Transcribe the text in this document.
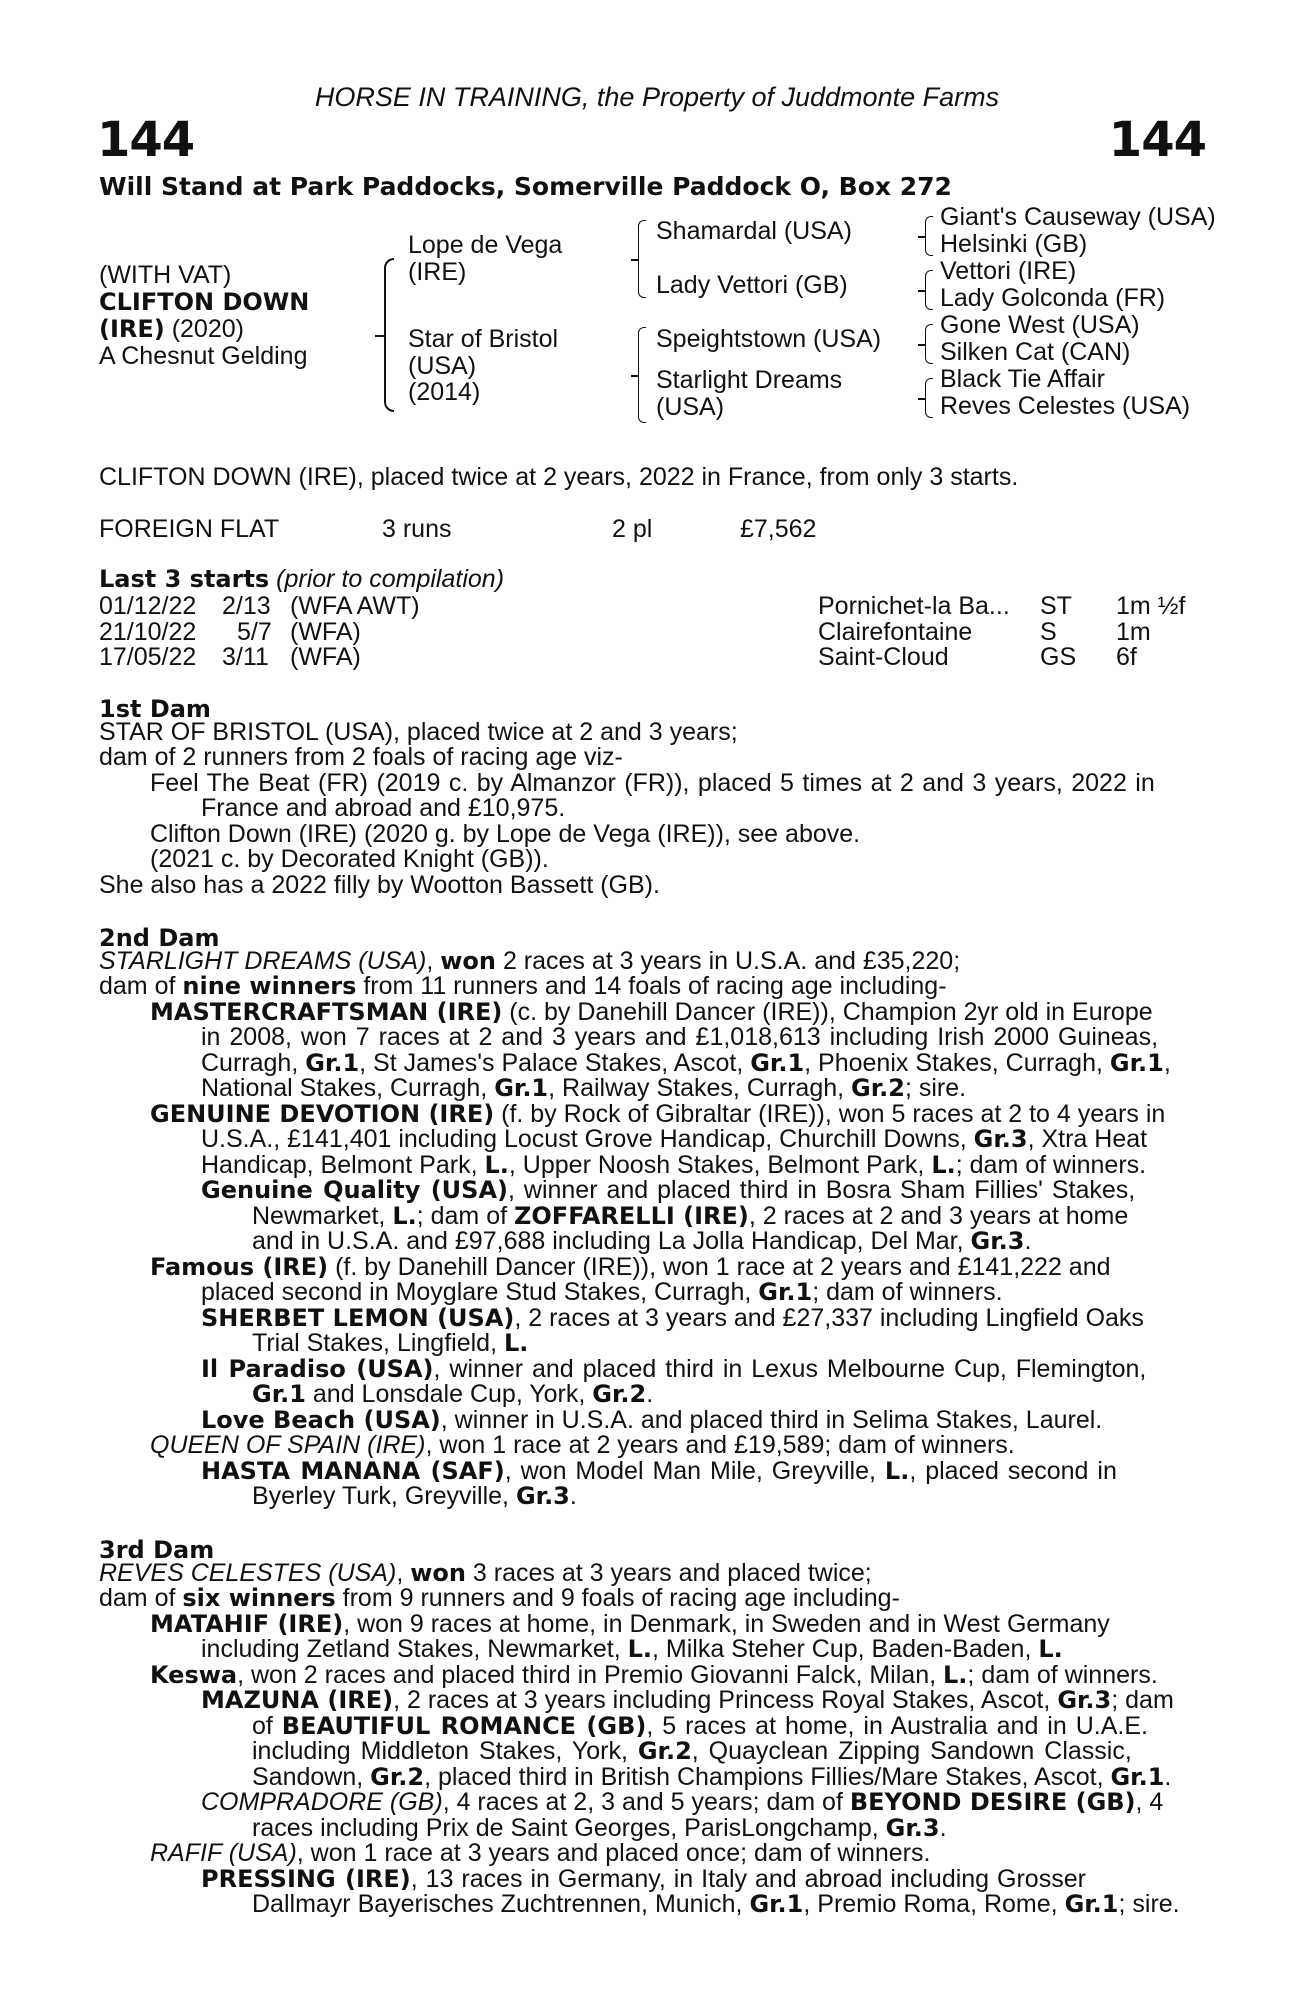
HORSE IN TRAINING, the Property of Juddmonte Farms
144	144
Will Stand at Park Paddocks, Somerville Paddock O, Box 272
(WITH VAT)
CLIFTON DOWN
(IRE) (2020)
A Chesnut Gelding
Lope de Vega
(IRE)
Star of Bristol
(USA)
(2014)
Shamardal (USA)
Lady Vettori (GB)
Speightstown (USA)
Starlight Dreams
(USA)
Giant's Causeway (USA)
Helsinki (GB)
Vettori (IRE)
Lady Golconda (FR)
Gone West (USA)
Silken Cat (CAN)
Black Tie Affair
Reves Celestes (USA)
CLIFTON DOWN (IRE), placed twice at 2 years, 2022 in France, from only 3 starts.
FOREIGN FLAT	3 runs	2 pl	£7,562
Last 3 starts (prior to compilation)
01/12/22 2/13 (WFA AWT)	Pornichet-la Ba... ST 1m ½f
21/10/22 5/7 (WFA)	Clairefontaine	S 1m
17/05/22 3/11 (WFA)	Saint-Cloud	GS 6f
1st Dam
STAR OF BRISTOL (USA), placed twice at 2 and 3 years;
dam of 2 runners from 2 foals of racing age viz-
Feel The Beat (FR) (2019 c. by Almanzor (FR)), placed 5 times at 2 and 3 years, 2022 in
France and abroad and £10,975.
Clifton Down (IRE) (2020 g. by Lope de Vega (IRE)), see above.
(2021 c. by Decorated Knight (GB)).
She also has a 2022 filly by Wootton Bassett (GB).
2nd Dam
STARLIGHT DREAMS (USA), won 2 races at 3 years in U.S.A. and £35,220;
dam of nine winners from 11 runners and 14 foals of racing age including-
MASTERCRAFTSMAN (IRE) (c. by Danehill Dancer (IRE)), Champion 2yr old in Europe
in 2008, won 7 races at 2 and 3 years and £1,018,613 including Irish 2000 Guineas,
Curragh, Gr.1, St James's Palace Stakes, Ascot, Gr.1, Phoenix Stakes, Curragh, Gr.1,
National Stakes, Curragh, Gr.1, Railway Stakes, Curragh, Gr.2; sire.
GENUINE DEVOTION (IRE) (f. by Rock of Gibraltar (IRE)), won 5 races at 2 to 4 years in
U.S.A., £141,401 including Locust Grove Handicap, Churchill Downs, Gr.3, Xtra Heat
Handicap, Belmont Park, L., Upper Noosh Stakes, Belmont Park, L.; dam of winners.
Genuine Quality (USA), winner and placed third in Bosra Sham Fillies' Stakes,
Newmarket, L.; dam of ZOFFARELLI (IRE), 2 races at 2 and 3 years at home
and in U.S.A. and £97,688 including La Jolla Handicap, Del Mar, Gr.3.
Famous (IRE) (f. by Danehill Dancer (IRE)), won 1 race at 2 years and £141,222 and
placed second in Moyglare Stud Stakes, Curragh, Gr.1; dam of winners.
SHERBET LEMON (USA), 2 races at 3 years and £27,337 including Lingfield Oaks
Trial Stakes, Lingfield, L.
Il Paradiso (USA), winner and placed third in Lexus Melbourne Cup, Flemington,
Gr.1 and Lonsdale Cup, York, Gr.2.
Love Beach (USA), winner in U.S.A. and placed third in Selima Stakes, Laurel.
QUEEN OF SPAIN (IRE), won 1 race at 2 years and £19,589; dam of winners.
HASTA MANANA (SAF), won Model Man Mile, Greyville, L., placed second in
Byerley Turk, Greyville, Gr.3.
3rd Dam
REVES CELESTES (USA), won 3 races at 3 years and placed twice;
dam of six winners from 9 runners and 9 foals of racing age including-
MATAHIF (IRE), won 9 races at home, in Denmark, in Sweden and in West Germany
including Zetland Stakes, Newmarket, L., Milka Steher Cup, Baden-Baden, L.
Keswa, won 2 races and placed third in Premio Giovanni Falck, Milan, L.; dam of winners.
MAZUNA (IRE), 2 races at 3 years including Princess Royal Stakes, Ascot, Gr.3; dam
of BEAUTIFUL ROMANCE (GB), 5 races at home, in Australia and in U.A.E.
including Middleton Stakes, York, Gr.2, Quayclean Zipping Sandown Classic,
Sandown, Gr.2, placed third in British Champions Fillies/Mare Stakes, Ascot, Gr.1.
COMPRADORE (GB), 4 races at 2, 3 and 5 years; dam of BEYOND DESIRE (GB), 4
races including Prix de Saint Georges, ParisLongchamp, Gr.3.
RAFIF (USA), won 1 race at 3 years and placed once; dam of winners.
PRESSING (IRE), 13 races in Germany, in Italy and abroad including Grosser
Dallmayr Bayerisches Zuchtrennen, Munich, Gr.1, Premio Roma, Rome, Gr.1; sire.
